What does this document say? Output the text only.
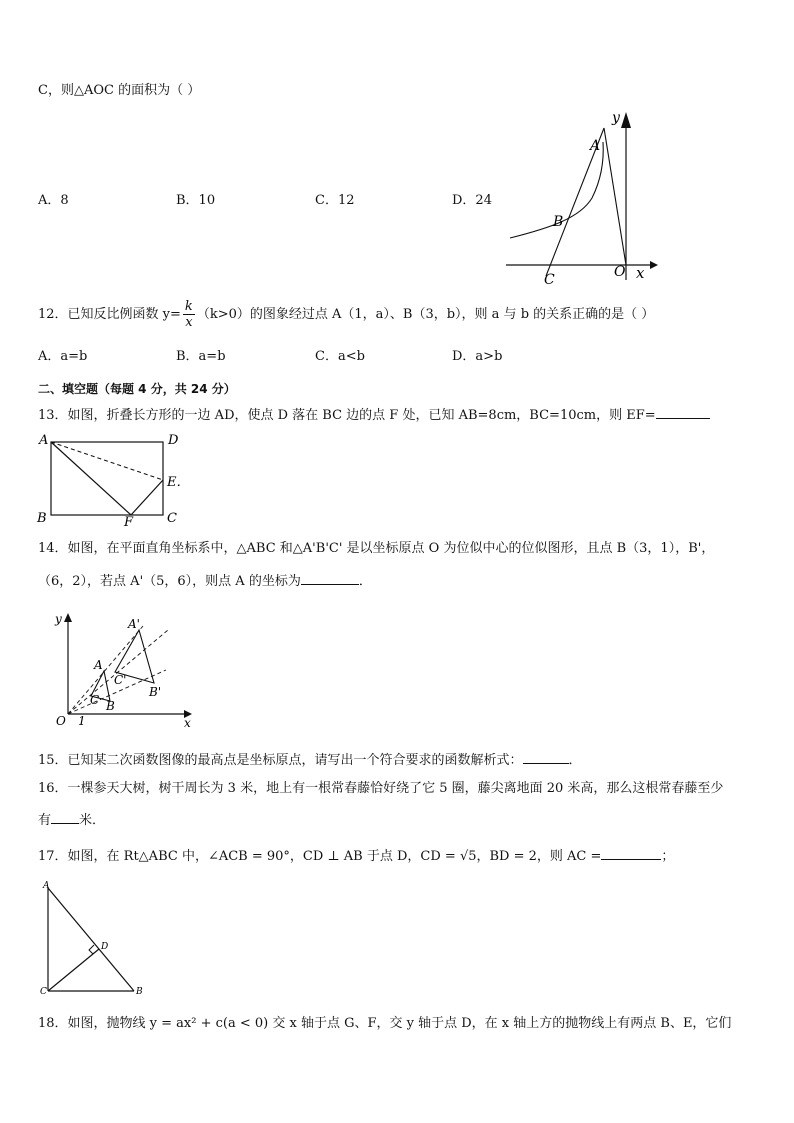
C，则△AOC 的面积为（ ）
A．8	B．10	C．12	D．24
y
A
B
C	O x
12．已知反比例函数 $y= \frac{k}{x} (k>0)$的图象经过点 A（1，a）、B（3，b），则 a 与 b 的关系正确的是（ ）
A．a=b	B．a=b	C．a<b	D．a>b
二、填空题（每题 4 分，共 24 分）
13．如图，折叠长方形的一边 AD，使点 D 落在 BC 边的点 F 处，已知 AB=8cm，BC=10cm，则 EF=
A	D
E．
B	F	C
14．如图，在平面直角坐标系中，△ABC 和△A'B'C' 是以坐标原点 O 为位似中心的位似图形，且点 B（3，1），B'，
（6，2），若点 A'（5，6），则点 A 的坐标为	．
y	A'
A
C'
B'
C B
O 1	x
15．已知某二次函数图像的最高点是坐标原点，请写出一个符合要求的函数解析式：	．
16．一棵参天大树，树干周长为 3 米，地上有一根常春藤恰好绕了它 5 圈，藤尖离地面 20 米高，那么这根常春藤至少
有 米．
17．如图，在 Rt△ABC 中，∠ACB = 90°，CD ⊥ AB 于点 D，CD = √5，BD = 2，则 AC =	；
A
D
C	B
18．如图，抛物线 y = ax² + c(a < 0) 交 x 轴于点 G、F，交 y 轴于点 D，在 x 轴上方的抛物线上有两点 B、E，它们
